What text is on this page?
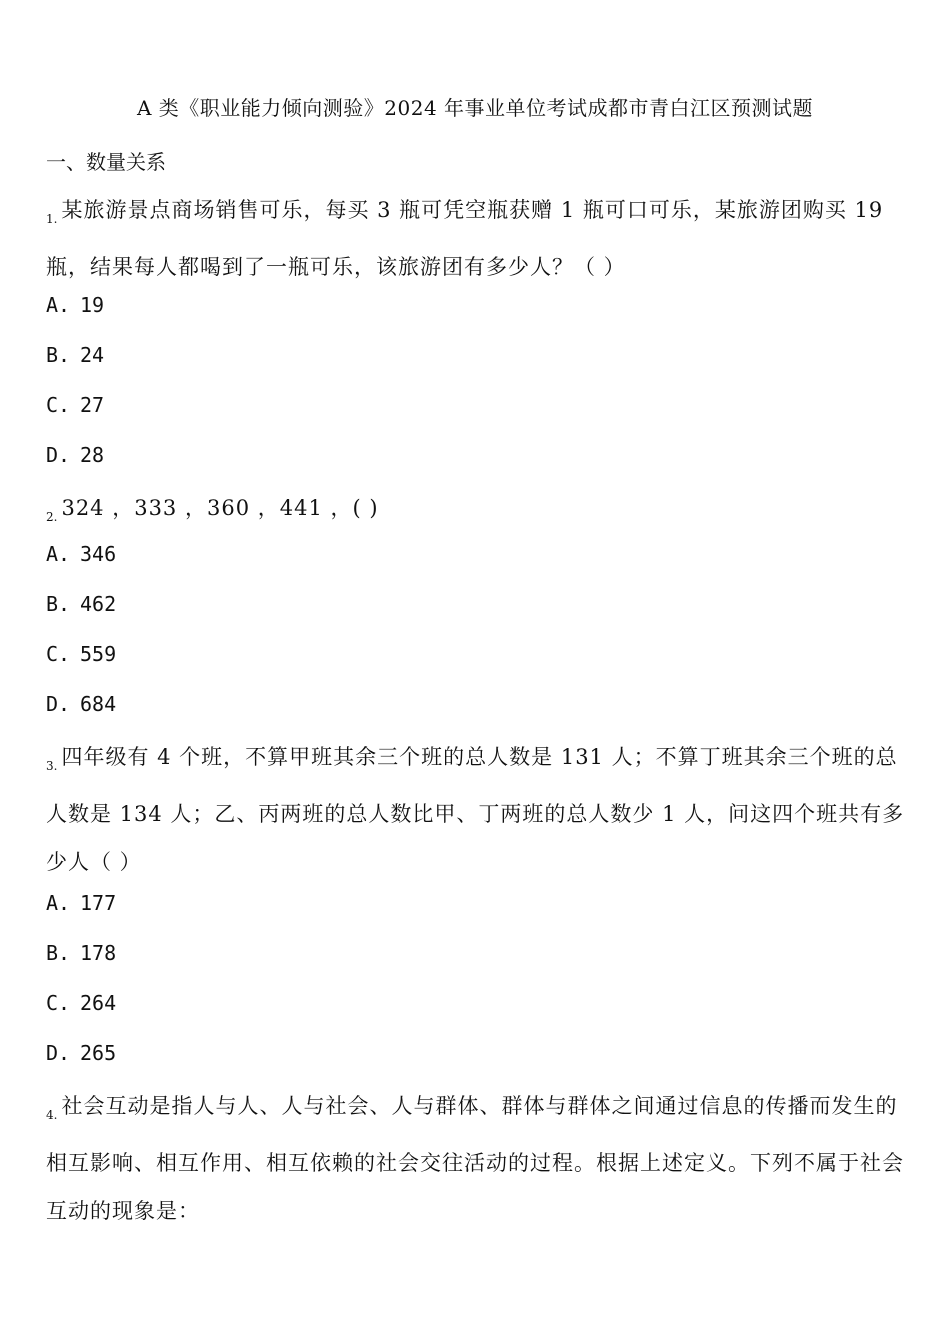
A 类《职业能力倾向测验》2024 年事业单位考试成都市青白江区预测试题
一、数量关系
$_{1.}$ 某旅游景点商场销售可乐，每买 3 瓶可凭空瓶获赠 1 瓶可口可乐，某旅游团购买 19 瓶，结果每人都喝到了一瓶可乐，该旅游团有多少人？（ ）
A. 19
B. 24
C. 27
D. 28
$_{2.}$ 324 ，333 ，360 ，441 ，( )
A. 346
B. 462
C. 559
D. 684
$_{3.}$ 四年级有 4 个班，不算甲班其余三个班的总人数是 131 人；不算丁班其余三个班的总人数是 134 人；乙、丙两班的总人数比甲、丁两班的总人数少 1 人，问这四个班共有多少人（ ）
A. 177
B. 178
C. 264
D. 265
$_{4.}$ 社会互动是指人与人、人与社会、人与群体、群体与群体之间通过信息的传播而发生的相互影响、相互作用、相互依赖的社会交往活动的过程。根据上述定义。下列不属于社会互动的现象是：
